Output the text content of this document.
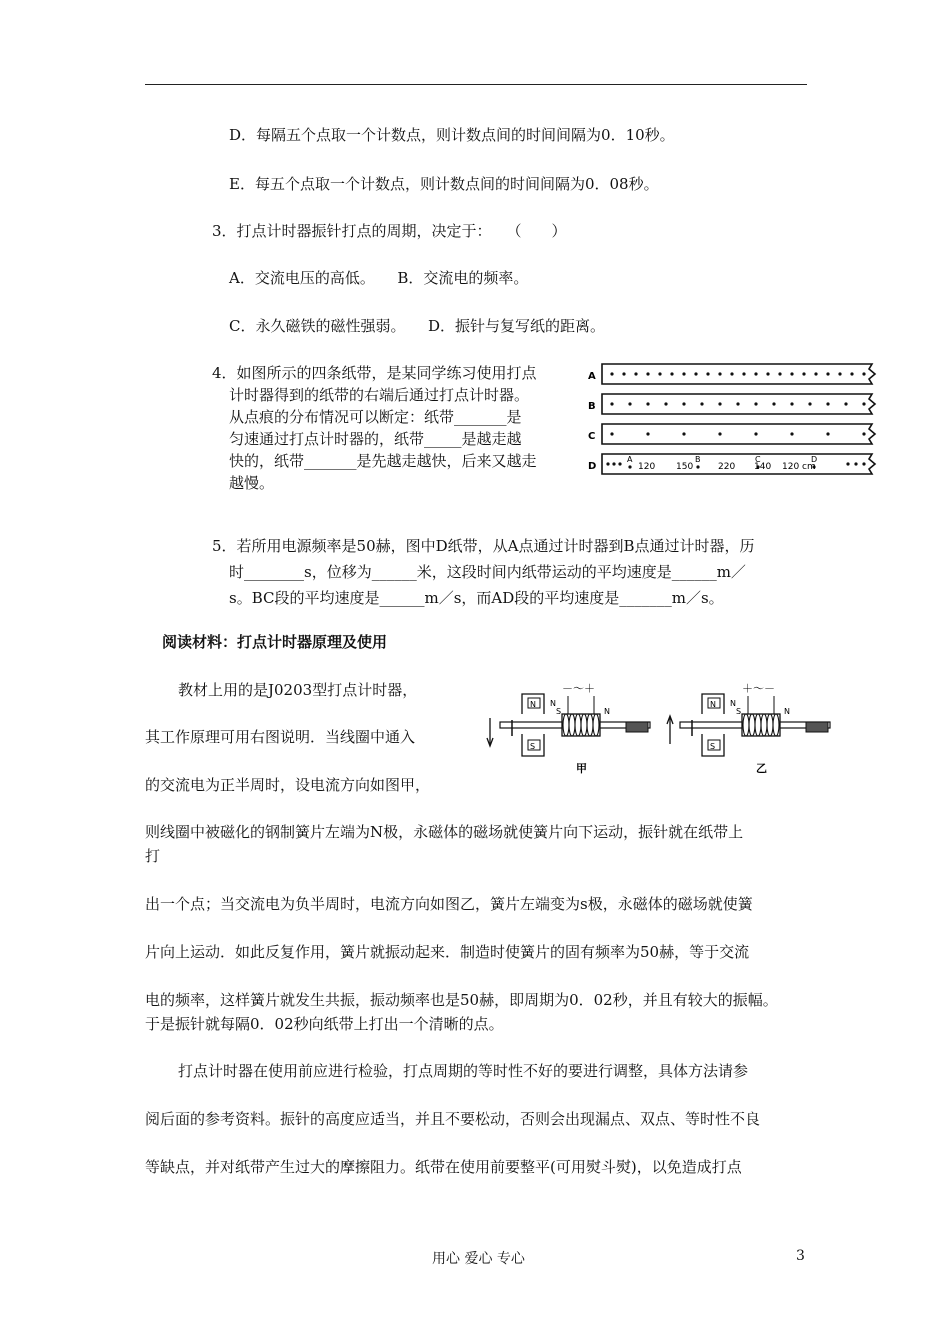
D．每隔五个点取一个计数点，则计数点间的时间间隔为0．10秒。
E．每五个点取一个计数点，则计数点间的时间间隔为0．08秒。
3．打点计时器振针打点的周期，决定于：　　（　　）
A．交流电压的高低。　　B．交流电的频率。
C．永久磁铁的磁性强弱。　　D．振针与复写纸的距离。
4．如图所示的四条纸带，是某同学练习使用打点
计时器得到的纸带的右端后通过打点计时器。
从点痕的分布情况可以断定：纸带_______是
匀速通过打点计时器的，纸带_____是越走越
快的，纸带_______是先越走越快，后来又越走
越慢。
A
B
C
D
A	B	C	D
120 150	220 140 120 cm
5．若所用电源频率是50赫，图中D纸带，从A点通过计时器到B点通过计时器，历
时________s，位移为______米，这段时间内纸带运动的平均速度是______m／
s。BC段的平均速度是______m／s，而AD段的平均速度是_______m／s。
阅读材料：打点计时器原理及使用
教材上用的是J0203型打点计时器，
其工作原理可用右图说明．当线圈中通入
的交流电为正半周时，设电流方向如图甲，
N
S
S	N
N
－～＋
甲
N
S
S	N
N
＋～－
乙
则线圈中被磁化的钢制簧片左端为N极，永磁体的磁场就使簧片向下运动，振针就在纸带上
打
出一个点；当交流电为负半周时，电流方向如图乙，簧片左端变为s极，永磁体的磁场就使簧
片向上运动．如此反复作用，簧片就振动起来．制造时使簧片的固有频率为50赫，等于交流
电的频率，这样簧片就发生共振，振动频率也是50赫，即周期为0．02秒，并且有较大的振幅。
于是振针就每隔0．02秒向纸带上打出一个清晰的点。
打点计时器在使用前应进行检验，打点周期的等时性不好的要进行调整，具体方法请参
阅后面的参考资料。振针的高度应适当，并且不要松动，否则会出现漏点、双点、等时性不良
等缺点，并对纸带产生过大的摩擦阻力。纸带在使用前要整平(可用熨斗熨)，以免造成打点
用心 爱心 专心	3
